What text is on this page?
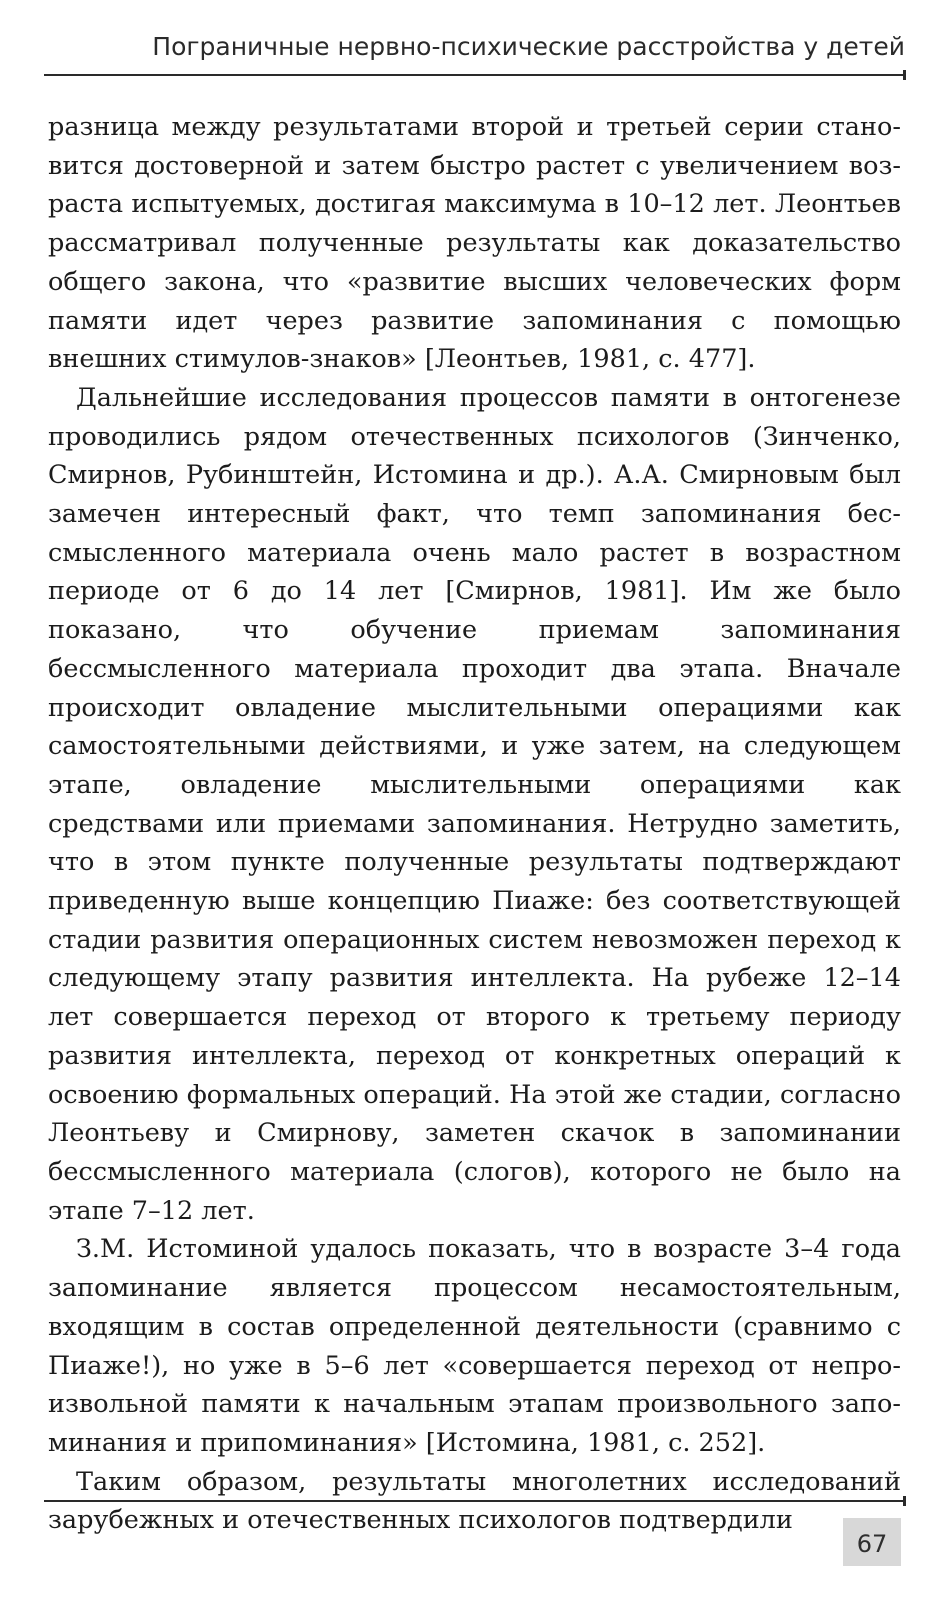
Пограничные нервно-психические расстройства у детей

разница между результатами второй и третьей серии становится достоверной и затем быстро растет с увеличением возраста испытуемых, достигая максимума в 10–12 лет. Леонтьев рассматривал полученные результаты как доказательство общего закона, что «развитие высших человеческих форм памяти идет через развитие запоминания с помощью внешних стимулов-знаков» [Леонтьев, 1981, с. 477].

Дальнейшие исследования процессов памяти в онтогенезе проводились рядом отечественных психологов (Зинченко, Смирнов, Рубинштейн, Истомина и др.). А.А. Смирновым был замечен интересный факт, что темп запоминания бессмысленного материала очень мало растет в возрастном периоде от 6 до 14 лет [Смирнов, 1981]. Им же было показано, что обучение приемам запоминания бессмысленного материала проходит два этапа. Вначале происходит овладение мыслительными операциями как самостоятельными действиями, и уже затем, на следующем этапе, овладение мыслительными операциями как средствами или приемами запоминания. Нетрудно заметить, что в этом пункте полученные результаты подтверждают приведенную выше концепцию Пиаже: без соответствующей стадии развития операционных систем невозможен переход к следующему этапу развития интеллекта. На рубеже 12–14 лет совершается переход от второго к третьему периоду развития интеллекта, переход от конкретных операций к освоению формальных операций. На этой же стадии, согласно Леонтьеву и Смирнову, заметен скачок в запоминании бессмысленного материала (слогов), которого не было на этапе 7–12 лет.

З.М. Истоминой удалось показать, что в возрасте 3–4 года запоминание является процессом несамостоятельным, входящим в состав определенной деятельности (сравнимо с Пиаже!), но уже в 5–6 лет «совершается переход от непроизвольной памяти к начальным этапам произвольного запоминания и припоминания» [Истомина, 1981, с. 252].

Таким образом, результаты многолетних исследований зарубежных и отечественных психологов подтвердили

67
